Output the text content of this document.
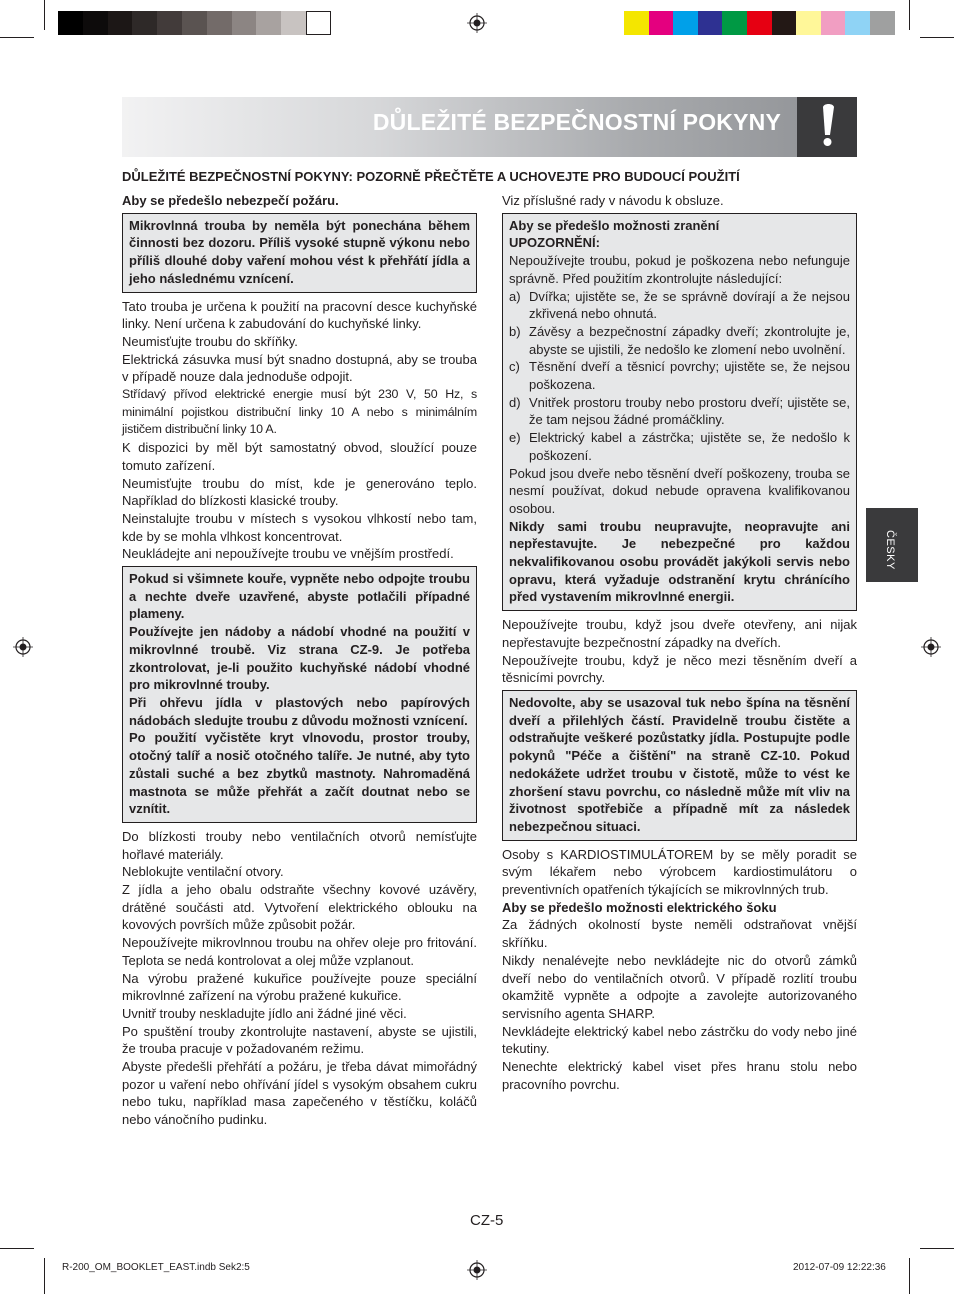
DŮLEŽITÉ BEZPEČNOSTNÍ POKYNY
DŮLEŽITÉ BEZPEČNOSTNÍ POKYNY: POZORNĚ PŘEČTĚTE A UCHOVEJTE PRO BUDOUCÍ POUŽITÍ

Aby se předešlo nebezpečí požáru.

Mikrovlnná trouba by neměla být ponechána během činnosti bez dozoru. Příliš vysoké stupně výkonu nebo příliš dlouhé doby vaření mohou vést k přehřátí jídla a jeho následnému vznícení.

Tato trouba je určena k použití na pracovní desce kuchyňské linky. Není určena k zabudování do kuchyňské linky.

Neumisťujte troubu do skříňky.

Elektrická zásuvka musí být snadno dostupná, aby se trouba v případě nouze dala jednoduše odpojit.

Střídavý přívod elektrické energie musí být 230 V, 50 Hz, s minimální pojistkou distribuční linky 10 A nebo s minimálním jističem distribuční linky 10 A.

K dispozici by měl být samostatný obvod, sloužící pouze tomuto zařízení.

Neumisťujte troubu do míst, kde je generováno teplo. Například do blízkosti klasické trouby.

Neinstalujte troubu v místech s vysokou vlhkostí nebo tam, kde by se mohla vlhkost koncentrovat.

Neukládejte ani nepoužívejte troubu ve vnějším prostředí.

Pokud si všimnete kouře, vypněte nebo odpojte troubu a nechte dveře uzavřené, abyste potlačili případné plameny.

Používejte jen nádoby a nádobí vhodné na použití v mikrovlnné troubě. Viz strana CZ-9. Je potřeba zkontrolovat, je-li použito kuchyňské nádobí vhodné pro mikrovlnné trouby.

Při ohřevu jídla v plastových nebo papírových nádobách sledujte troubu z důvodu možnosti vznícení.

Po použití vyčistěte kryt vlnovodu, prostor trouby, otočný talíř a nosič otočného talíře. Je nutné, aby tyto zůstali suché a bez zbytků mastnoty. Nahromaděná mastnota se může přehřát a začít doutnat nebo se vznítit.

Do blízkosti trouby nebo ventilačních otvorů nemísťujte hořlavé materiály.

Neblokujte ventilační otvory.

Z jídla a jeho obalu odstraňte všechny kovové uzávěry, drátěné součásti atd. Vytvoření elektrického oblouku na kovových površích může způsobit požár.

Nepoužívejte mikrovlnnou troubu na ohřev oleje pro fritování. Teplota se nedá kontrolovat a olej může vzplanout.

Na výrobu pražené kukuřice používejte pouze speciální mikrovlnné zařízení na výrobu pražené kukuřice.

Uvnitř trouby neskladujte jídlo ani žádné jiné věci.

Po spuštění trouby zkontrolujte nastavení, abyste se ujistili, že trouba pracuje v požadovaném režimu.

Abyste předešli přehřátí a požáru, je třeba dávat mimořádný pozor u vaření nebo ohřívání jídel s vysokým obsahem cukru nebo tuku, například masa zapečeného v těstíčku, koláčů nebo vánočního pudinku.

Viz příslušné rady v návodu k obsluze.

Aby se předešlo možnosti zranění

UPOZORNĚNÍ:

Nepoužívejte troubu, pokud je poškozena nebo nefunguje správně. Před použitím zkontrolujte následující:

a) Dvířka; ujistěte se, že se správně dovírají a že nejsou zkřivená nebo ohnutá.
b) Závěsy a bezpečnostní západky dveří; zkontrolujte je, abyste se ujistili, že nedošlo ke zlomení nebo uvolnění.
c) Těsnění dveří a těsnicí povrchy; ujistěte se, že nejsou poškozena.
d) Vnitřek prostoru trouby nebo prostoru dveří; ujistěte se, že tam nejsou žádné promáčkliny.
e) Elektrický kabel a zástrčka; ujistěte se, že nedošlo k poškození.

Pokud jsou dveře nebo těsnění dveří poškozeny, trouba se nesmí používat, dokud nebude opravena kvalifikovanou osobou.

Nikdy sami troubu neupravujte, neopravujte ani nepřestavujte. Je nebezpečné pro každou nekvalifikovanou osobu provádět jakýkoli servis nebo opravu, která vyžaduje odstranění krytu chránícího před vystavením mikrovlnné energii.

Nepoužívejte troubu, když jsou dveře otevřeny, ani nijak nepřestavujte bezpečnostní západky na dveřích.

Nepoužívejte troubu, když je něco mezi těsněním dveří a těsnicími povrchy.

Nedovolte, aby se usazoval tuk nebo špína na těsnění dveří a přilehlých částí. Pravidelně troubu čistěte a odstraňujte veškeré pozůstatky jídla. Postupujte podle pokynů "Péče a čištění" na straně CZ-10. Pokud nedokážete udržet troubu v čistotě, může to vést ke zhoršení stavu povrchu, co následně může mít vliv na životnost spotřebiče a případně mít za následek nebezpečnou situaci.

Osoby s KARDIOSTIMULÁTOREM by se měly poradit se svým lékařem nebo výrobcem kardiostimulátoru o preventivních opatřeních týkajících se mikrovlnných trub.

Aby se předešlo možnosti elektrického šoku

Za žádných okolností byste neměli odstraňovat vnější skříňku.

Nikdy nenalévejte nebo nevkládejte nic do otvorů zámků dveří nebo do ventilačních otvorů. V případě rozlití troubu okamžitě vypněte a odpojte a zavolejte autorizovaného servisního agenta SHARP.

Nevkládejte elektrický kabel nebo zástrčku do vody nebo jiné tekutiny.

Nenechte elektrický kabel viset přes hranu stolu nebo pracovního povrchu.

ČESKY
CZ-5
R-200_OM_BOOKLET_EAST.indb Sek2:5	2012-07-09 12:22:36
